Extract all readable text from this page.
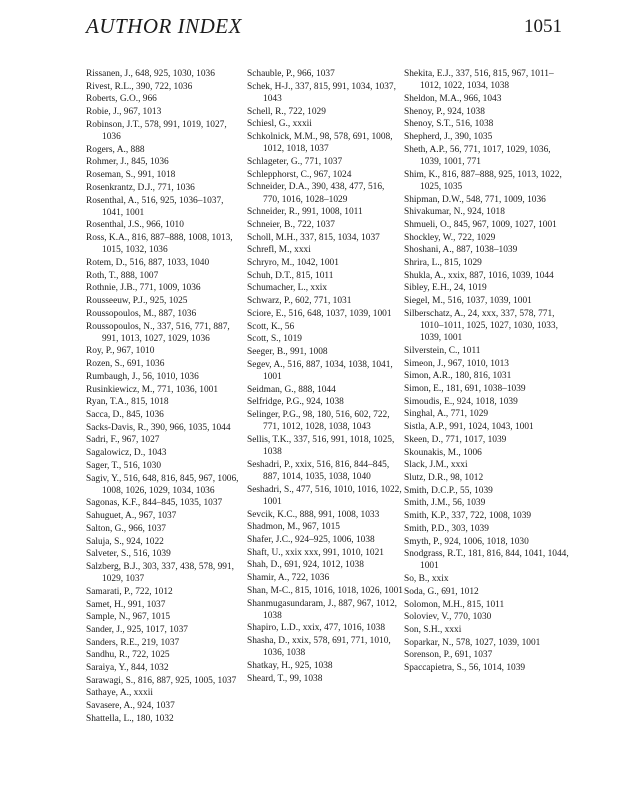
AUTHOR INDEX	1051
Rissanen, J., 648, 925, 1030, 1036
Rivest, R.L., 390, 722, 1036
Roberts, G.O., 966
Robie, J., 967, 1013
Robinson, J.T., 578, 991, 1019, 1027, 1036
Rogers, A., 888
Rohmer, J., 845, 1036
Roseman, S., 991, 1018
Rosenkrantz, D.J., 771, 1036
Rosenthal, A., 516, 925, 1036–1037, 1041, 1001
Rosenthal, J.S., 966, 1010
Ross, K.A., 816, 887–888, 1008, 1013, 1015, 1032, 1036
Rotem, D., 516, 887, 1033, 1040
Roth, T., 888, 1007
Rothnie, J.B., 771, 1009, 1036
Rousseeuw, P.J., 925, 1025
Roussopoulos, M., 887, 1036
Roussopoulos, N., 337, 516, 771, 887, 991, 1013, 1027, 1029, 1036
Roy, P., 967, 1010
Rozen, S., 691, 1036
Rumbaugh, J., 56, 1010, 1036
Rusinkiewicz, M., 771, 1036, 1001
Ryan, T.A., 815, 1018
Sacca, D., 845, 1036
Sacks-Davis, R., 390, 966, 1035, 1044
Sadri, F., 967, 1027
Sagalowicz, D., 1043
Sager, T., 516, 1030
Sagiv, Y., 516, 648, 816, 845, 967, 1006, 1008, 1026, 1029, 1034, 1036
Sagonas, K.F., 844–845, 1035, 1037
Sahuguet, A., 967, 1037
Salton, G., 966, 1037
Saluja, S., 924, 1022
Salveter, S., 516, 1039
Salzberg, B.J., 303, 337, 438, 578, 991, 1029, 1037
Samarati, P., 722, 1012
Samet, H., 991, 1037
Sample, N., 967, 1015
Sander, J., 925, 1017, 1037
Sanders, R.E., 219, 1037
Sandhu, R., 722, 1025
Saraiya, Y., 844, 1032
Sarawagi, S., 816, 887, 925, 1005, 1037
Sathaye, A., xxxii
Savasere, A., 924, 1037
Shattella, L., 180, 1032
Schauble, P., 966, 1037
Schek, H-J., 337, 815, 991, 1034, 1037, 1043
Schell, R., 722, 1029
Schiesl, G., xxxii
Schkolnick, M.M., 98, 578, 691, 1008, 1012, 1018, 1037
Schlageter, G., 771, 1037
Schlepphorst, C., 967, 1024
Schneider, D.A., 390, 438, 477, 516, 770, 1016, 1028–1029
Schneider, R., 991, 1008, 1011
Schneier, B., 722, 1037
Scholl, M.H., 337, 815, 1034, 1037
Schrefl, M., xxxi
Schryro, M., 1042, 1001
Schuh, D.T., 815, 1011
Schumacher, L., xxix
Schwarz, P., 602, 771, 1031
Sciore, E., 516, 648, 1037, 1039, 1001
Scott, K., 56
Scott, S., 1019
Seeger, B., 991, 1008
Segev, A., 516, 887, 1034, 1038, 1041, 1001
Seidman, G., 888, 1044
Selfridge, P.G., 924, 1038
Selinger, P.G., 98, 180, 516, 602, 722, 771, 1012, 1028, 1038, 1043
Sellis, T.K., 337, 516, 991, 1018, 1025, 1038
Seshadri, P., xxix, 516, 816, 844–845, 887, 1014, 1035, 1038, 1040
Seshadri, S., 477, 516, 1010, 1016, 1022, 1001
Sevcik, K.C., 888, 991, 1008, 1033
Shadmon, M., 967, 1015
Shafer, J.C., 924–925, 1006, 1038
Shaft, U., xxix xxx, 991, 1010, 1021
Shah, D., 691, 924, 1012, 1038
Shamir, A., 722, 1036
Shan, M-C., 815, 1016, 1018, 1026, 1001
Shanmugasundaram, J., 887, 967, 1012, 1038
Shapiro, L.D., xxix, 477, 1016, 1038
Shasha, D., xxix, 578, 691, 771, 1010, 1036, 1038
Shatkay, H., 925, 1038
Sheard, T., 99, 1038
Shekita, E.J., 337, 516, 815, 967, 1011–1012, 1022, 1034, 1038
Sheldon, M.A., 966, 1043
Shenoy, P., 924, 1038
Shenoy, S.T., 516, 1038
Shepherd, J., 390, 1035
Sheth, A.P., 56, 771, 1017, 1029, 1036, 1039, 1001, 771
Shim, K., 816, 887–888, 925, 1013, 1022, 1025, 1035
Shipman, D.W., 548, 771, 1009, 1036
Shivakumar, N., 924, 1018
Shmueli, O., 845, 967, 1009, 1027, 1001
Shockley, W., 722, 1029
Shoshani, A., 887, 1038–1039
Shrira, L., 815, 1029
Shukla, A., xxix, 887, 1016, 1039, 1044
Sibley, E.H., 24, 1019
Siegel, M., 516, 1037, 1039, 1001
Silberschatz, A., 24, xxx, 337, 578, 771, 1010–1011, 1025, 1027, 1030, 1033, 1039, 1001
Silverstein, C., 1011
Simeon, J., 967, 1010, 1013
Simon, A.R., 180, 816, 1031
Simon, E., 181, 691, 1038–1039
Simoudis, E., 924, 1018, 1039
Singhal, A., 771, 1029
Sistla, A.P., 991, 1024, 1043, 1001
Skeen, D., 771, 1017, 1039
Skounakis, M., 1006
Slack, J.M., xxxi
Slutz, D.R., 98, 1012
Smith, D.C.P., 55, 1039
Smith, J.M., 56, 1039
Smith, K.P., 337, 722, 1008, 1039
Smith, P.D., 303, 1039
Smyth, P., 924, 1006, 1018, 1030
Snodgrass, R.T., 181, 816, 844, 1041, 1044, 1001
So, B., xxix
Soda, G., 691, 1012
Solomon, M.H., 815, 1011
Soloviev, V., 770, 1030
Son, S.H., xxxi
Soparkar, N., 578, 1027, 1039, 1001
Sorenson, P., 691, 1037
Spaccapietra, S., 56, 1014, 1039
